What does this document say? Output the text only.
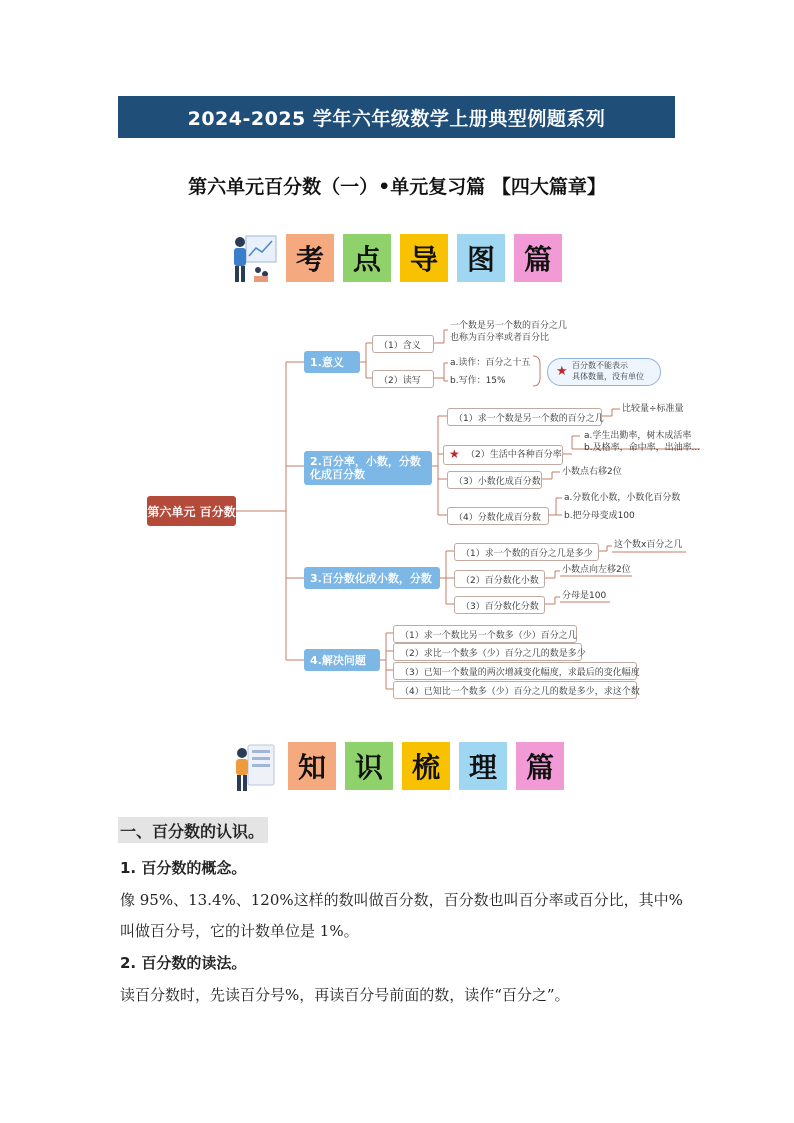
2024-2025 学年六年级数学上册典型例题系列
第六单元百分数（一）•单元复习篇 【四大篇章】
考	点	导	图	篇
第六单元 百分数
1.意义
（1）含义
一个数是另一个数的百分之几
也称为百分率或者百分比
（2）读写
a.读作：百分之十五
b.写作：15%
★ 百分数不能表示
具体数量，没有单位
2.百分率，小数，分数
化成百分数
（1）求一个数是另一个数的百分之几
比较量÷标准量
★ （2）生活中各种百分率
a.学生出勤率，树木成活率
b.及格率，命中率，出油率...
（3）小数化成百分数
小数点右移2位
（4）分数化成百分数
a.分数化小数，小数化百分数
b.把分母变成100
3.百分数化成小数，分数
（1）求一个数的百分之几是多少
这个数x百分之几
（2）百分数化小数
小数点向左移2位
（3）百分数化分数
分母是100
4.解决问题
（1）求一个数比另一个数多（少）百分之几
（2）求比一个数多（少）百分之几的数是多少
（3）已知一个数量的两次增减变化幅度，求最后的变化幅度
（4）已知比一个数多（少）百分之几的数是多少，求这个数
知	识	梳	理	篇
一、百分数的认识。
1. 百分数的概念。
像 95%、13.4%、120%这样的数叫做百分数，百分数也叫百分率或百分比，其中%
叫做百分号，它的计数单位是 1%。
2. 百分数的读法。
读百分数时，先读百分号%，再读百分号前面的数，读作“百分之”。
